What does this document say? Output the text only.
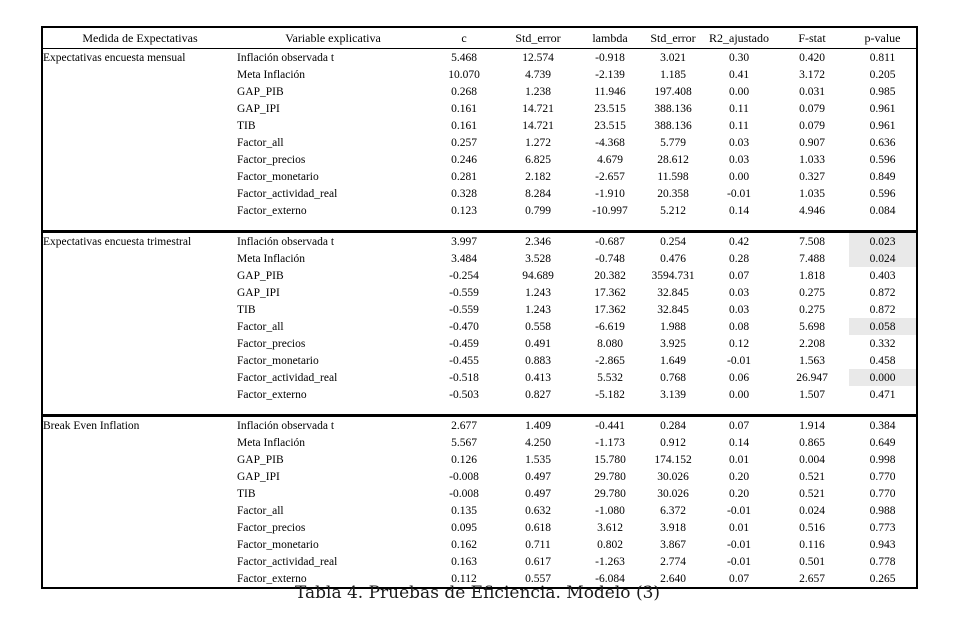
Medida de Expectativas	Variable explicativa	c	Std_error	lambda	Std_error	R2_ajustado	F-stat	p-value
Expectativas encuesta mensual	Inflación observada t	5.468	12.574	-0.918	3.021	0.30	0.420	0.811
	Meta Inflación	10.070	4.739	-2.139	1.185	0.41	3.172	0.205
	GAP_PIB	0.268	1.238	11.946	197.408	0.00	0.031	0.985
	GAP_IPI	0.161	14.721	23.515	388.136	0.11	0.079	0.961
	TIB	0.161	14.721	23.515	388.136	0.11	0.079	0.961
	Factor_all	0.257	1.272	-4.368	5.779	0.03	0.907	0.636
	Factor_precios	0.246	6.825	4.679	28.612	0.03	1.033	0.596
	Factor_monetario	0.281	2.182	-2.657	11.598	0.00	0.327	0.849
	Factor_actividad_real	0.328	8.284	-1.910	20.358	-0.01	1.035	0.596
	Factor_externo	0.123	0.799	-10.997	5.212	0.14	4.946	0.084

Expectativas encuesta trimestral	Inflación observada t	3.997	2.346	-0.687	0.254	0.42	7.508	0.023
	Meta Inflación	3.484	3.528	-0.748	0.476	0.28	7.488	0.024
	GAP_PIB	-0.254	94.689	20.382	3594.731	0.07	1.818	0.403
	GAP_IPI	-0.559	1.243	17.362	32.845	0.03	0.275	0.872
	TIB	-0.559	1.243	17.362	32.845	0.03	0.275	0.872
	Factor_all	-0.470	0.558	-6.619	1.988	0.08	5.698	0.058
	Factor_precios	-0.459	0.491	8.080	3.925	0.12	2.208	0.332
	Factor_monetario	-0.455	0.883	-2.865	1.649	-0.01	1.563	0.458
	Factor_actividad_real	-0.518	0.413	5.532	0.768	0.06	26.947	0.000
	Factor_externo	-0.503	0.827	-5.182	3.139	0.00	1.507	0.471

Break Even Inflation	Inflación observada t	2.677	1.409	-0.441	0.284	0.07	1.914	0.384
	Meta Inflación	5.567	4.250	-1.173	0.912	0.14	0.865	0.649
	GAP_PIB	0.126	1.535	15.780	174.152	0.01	0.004	0.998
	GAP_IPI	-0.008	0.497	29.780	30.026	0.20	0.521	0.770
	TIB	-0.008	0.497	29.780	30.026	0.20	0.521	0.770
	Factor_all	0.135	0.632	-1.080	6.372	-0.01	0.024	0.988
	Factor_precios	0.095	0.618	3.612	3.918	0.01	0.516	0.773
	Factor_monetario	0.162	0.711	0.802	3.867	-0.01	0.116	0.943
	Factor_actividad_real	0.163	0.617	-1.263	2.774	-0.01	0.501	0.778
	Factor_externo	0.112	0.557	-6.084	2.640	0.07	2.657	0.265
Tabla 4. Pruebas de Eficiencia. Modelo (3)
